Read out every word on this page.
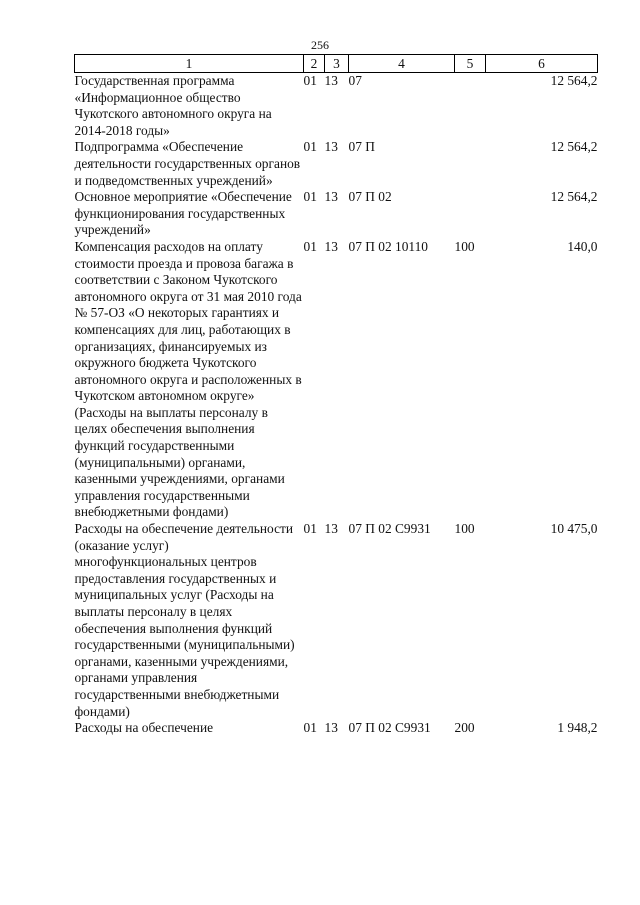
256
1	2	3	4	5	6
Государственная программа «Информационное общество Чукотского автономного округа на 2014-2018 годы»	01	13	07		12 564,2
Подпрограмма «Обеспечение деятельности государственных органов и подведомственных учреждений»	01	13	07 П		12 564,2
Основное мероприятие «Обеспечение функционирования государственных учреждений»	01	13	07 П 02		12 564,2
Компенсация расходов на оплату стоимости проезда и провоза багажа в соответствии с Законом Чукотского автономного округа от 31 мая 2010 года № 57-ОЗ «О некоторых гарантиях и компенсациях для лиц, работающих в организациях, финансируемых из окружного бюджета Чукотского автономного округа и расположенных в Чукотском автономном округе» (Расходы на выплаты персоналу в целях обеспечения выполнения функций государственными (муниципальными) органами, казенными учреждениями, органами управления государственными внебюджетными фондами)	01	13	07 П 02 10110	100	140,0
Расходы на обеспечение деятельности (оказание услуг) многофункциональных центров предоставления государственных и муниципальных услуг (Расходы на выплаты персоналу в целях обеспечения выполнения функций государственными (муниципальными) органами, казенными учреждениями, органами управления государственными внебюджетными фондами)	01	13	07 П 02 С9931	100	10 475,0
Расходы на обеспечение	01	13	07 П 02 С9931	200	1 948,2
